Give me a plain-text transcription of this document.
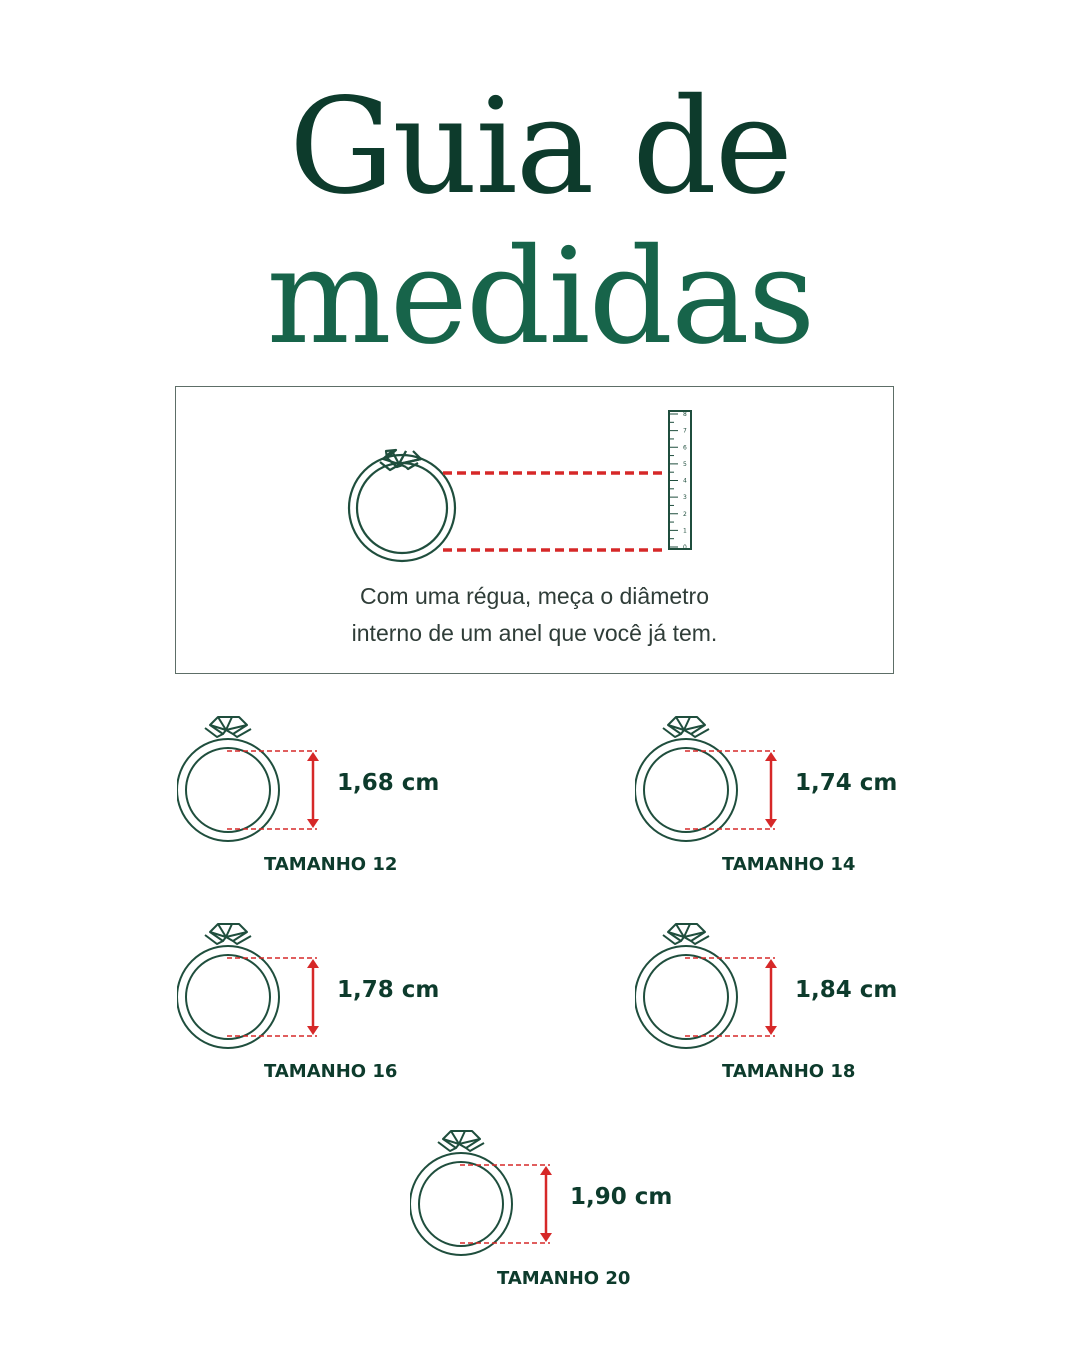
Guia de
medidas
0
1
2
3
4
5
6
7
8
Com uma régua, meça o diâmetro
interno de um anel que você já tem.
1,68 cm
TAMANHO 12
1,74 cm
TAMANHO 14
1,78 cm
TAMANHO 16
1,84 cm
TAMANHO 18
1,90 cm
TAMANHO 20
